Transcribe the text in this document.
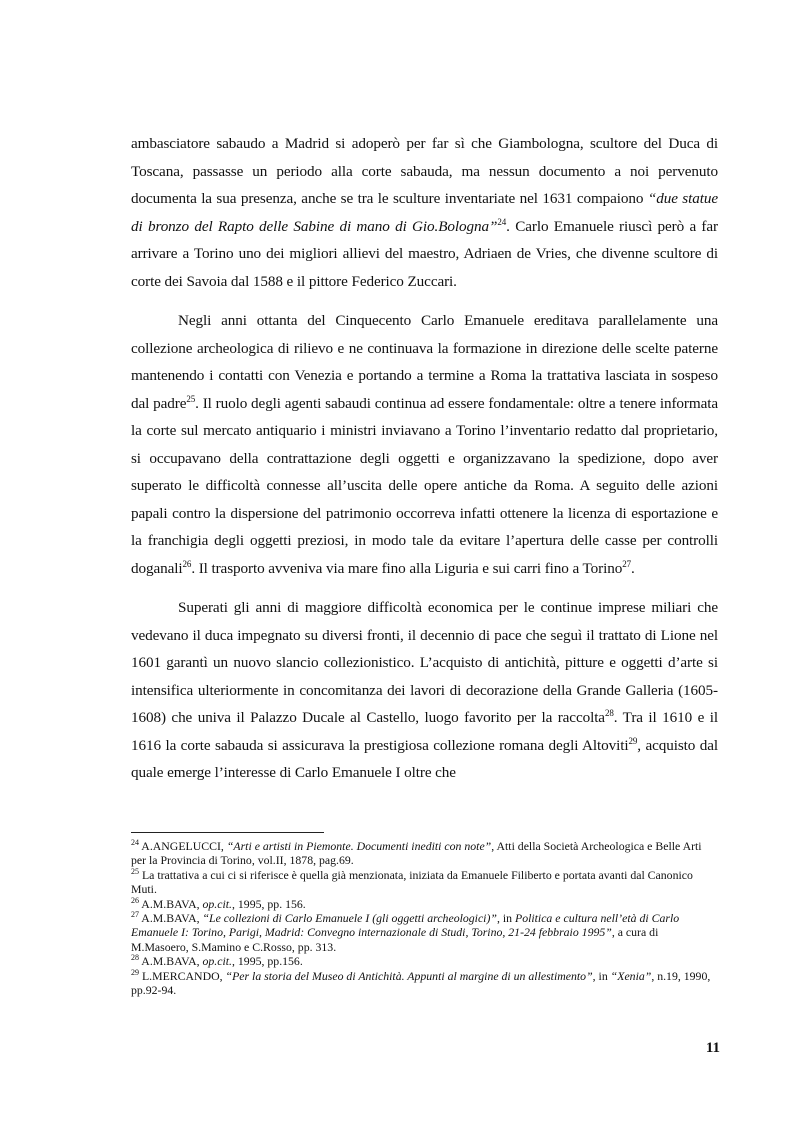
ambasciatore sabaudo a Madrid si adoperò per far sì che Giambologna, scultore del Duca di Toscana, passasse un periodo alla corte sabauda, ma nessun documento a noi pervenuto documenta la sua presenza, anche se tra le sculture inventariate nel 1631 compaiono “due statue di bronzo del Rapto delle Sabine di mano di Gio.Bologna”$^{24}$. Carlo Emanuele riuscì però a far arrivare a Torino uno dei migliori allievi del maestro, Adriaen de Vries, che divenne scultore di corte dei Savoia dal 1588 e il pittore Federico Zuccari.

Negli anni ottanta del Cinquecento Carlo Emanuele ereditava parallelamente una collezione archeologica di rilievo e ne continuava la formazione in direzione delle scelte paterne mantenendo i contatti con Venezia e portando a termine a Roma la trattativa lasciata in sospeso dal padre$^{25}$. Il ruolo degli agenti sabaudi continua ad essere fondamentale: oltre a tenere informata la corte sul mercato antiquario i ministri inviavano a Torino l’inventario redatto dal proprietario, si occupavano della contrattazione degli oggetti e organizzavano la spedizione, dopo aver superato le difficoltà connesse all’uscita delle opere antiche da Roma. A seguito delle azioni papali contro la dispersione del patrimonio occorreva infatti ottenere la licenza di esportazione e la franchigia degli oggetti preziosi, in modo tale da evitare l’apertura delle casse per controlli doganali$^{26}$. Il trasporto avveniva via mare fino alla Liguria e sui carri fino a Torino$^{27}$.

Superati gli anni di maggiore difficoltà economica per le continue imprese miliari che vedevano il duca impegnato su diversi fronti, il decennio di pace che seguì il trattato di Lione nel 1601 garantì un nuovo slancio collezionistico. L’acquisto di antichità, pitture e oggetti d’arte si intensifica ulteriormente in concomitanza dei lavori di decorazione della Grande Galleria (1605-1608) che univa il Palazzo Ducale al Castello, luogo favorito per la raccolta$^{28}$. Tra il 1610 e il 1616 la corte sabauda si assicurava la prestigiosa collezione romana degli Altoviti$^{29}$, acquisto dal quale emerge l’interesse di Carlo Emanuele I oltre che

$^{24}$ A.ANGELUCCI, “Arti e artisti in Piemonte. Documenti inediti con note”, Atti della Società Archeologica e Belle Arti per la Provincia di Torino, vol.II, 1878, pag.69.

$^{25}$ La trattativa a cui ci si riferisce è quella già menzionata, iniziata da Emanuele Filiberto e portata avanti dal Canonico Muti.

$^{26}$ A.M.BAVA, op.cit., 1995, pp. 156.

$^{27}$ A.M.BAVA, “Le collezioni di Carlo Emanuele I (gli oggetti archeologici)”, in Politica e cultura nell’età di Carlo Emanuele I: Torino, Parigi, Madrid: Convegno internazionale di Studi, Torino, 21-24 febbraio 1995”, a cura di M.Masoero, S.Mamino e C.Rosso, pp. 313.

$^{28}$ A.M.BAVA, op.cit., 1995, pp.156.

$^{29}$ L.MERCANDO, “Per la storia del Museo di Antichità. Appunti al margine di un allestimento”, in “Xenia”, n.19, 1990, pp.92-94.

11
